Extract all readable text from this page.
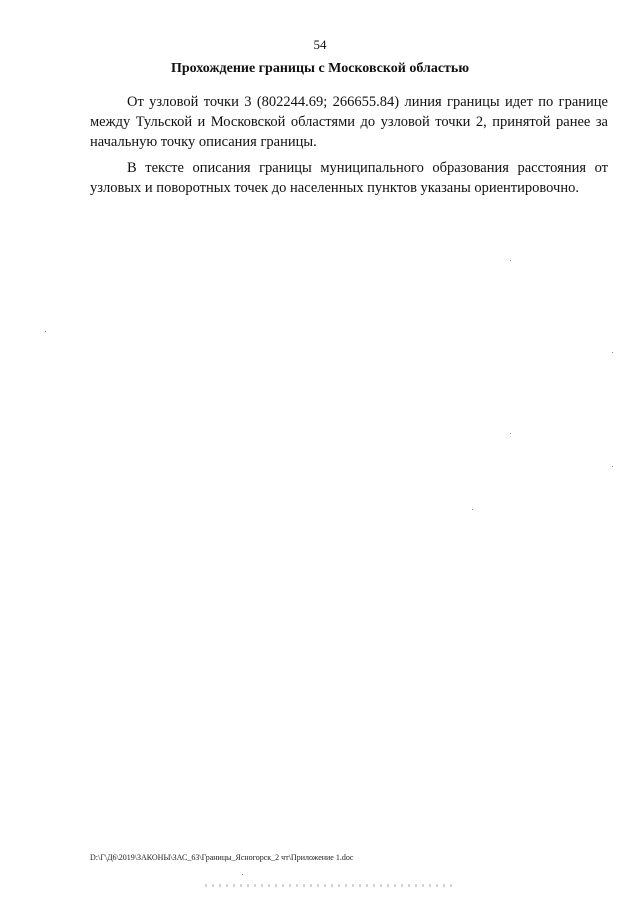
54
Прохождение границы с Московской областью

От узловой точки 3 (802244.69; 266655.84) линия границы идет по границе между Тульской и Московской областями до узловой точки 2, принятой ранее за начальную точку описания границы.

В тексте описания границы муниципального образования расстояния от узловых и поворотных точек до населенных пунктов указаны ориентировочно.

D:\Г\Д6\2019\ЗАКОНЫ\ЗАС_63\Границы_Ясногорск_2 чт\Приложение 1.doc
